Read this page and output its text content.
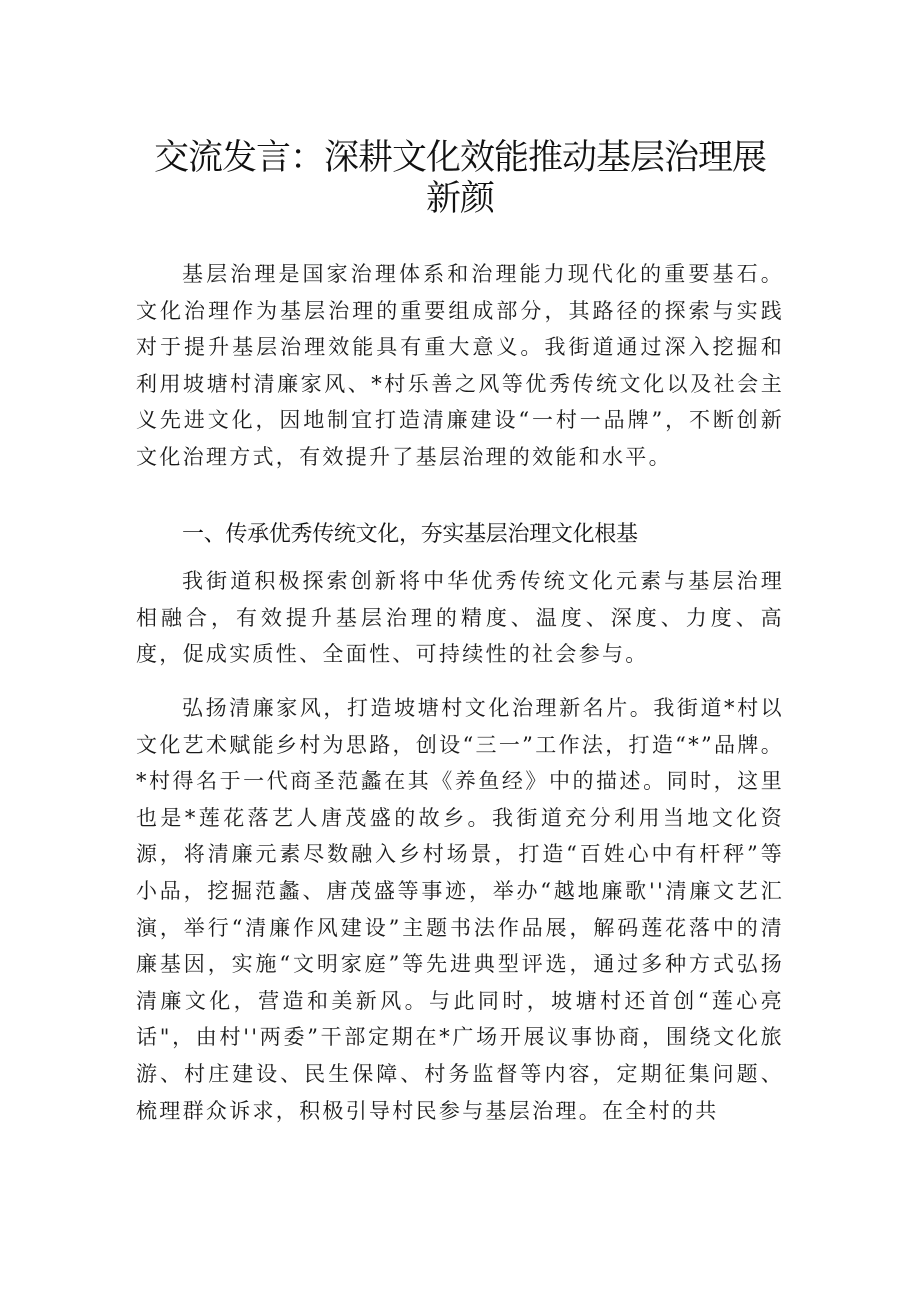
交流发言：深耕文化效能推动基层治理展
新颜

基层治理是国家治理体系和治理能力现代化的重要基石。文化治理作为基层治理的重要组成部分，其路径的探索与实践对于提升基层治理效能具有重大意义。我街道通过深入挖掘和利用坡塘村清廉家风、*村乐善之风等优秀传统文化以及社会主义先进文化，因地制宜打造清廉建设“一村一品牌”，不断创新文化治理方式，有效提升了基层治理的效能和水平。

一、传承优秀传统文化，夯实基层治理文化根基

我街道积极探索创新将中华优秀传统文化元素与基层治理相融合，有效提升基层治理的精度、温度、深度、力度、高度，促成实质性、全面性、可持续性的社会参与。

弘扬清廉家风，打造坡塘村文化治理新名片。我街道*村以文化艺术赋能乡村为思路，创设“三一”工作法，打造“*”品牌。*村得名于一代商圣范蠡在其《养鱼经》中的描述。同时，这里也是*莲花落艺人唐茂盛的故乡。我街道充分利用当地文化资源，将清廉元素尽数融入乡村场景，打造“百姓心中有杆秤”等小品，挖掘范蠡、唐茂盛等事迹，举办“越地廉歌''清廉文艺汇演，举行“清廉作风建设”主题书法作品展，解码莲花落中的清廉基因，实施“文明家庭”等先进典型评选，通过多种方式弘扬清廉文化，营造和美新风。与此同时，坡塘村还首创“莲心亮话"，由村''两委”干部定期在*广场开展议事协商，围绕文化旅游、村庄建设、民生保障、村务监督等内容，定期征集问题、梳理群众诉求，积极引导村民参与基层治理。在全村的共
